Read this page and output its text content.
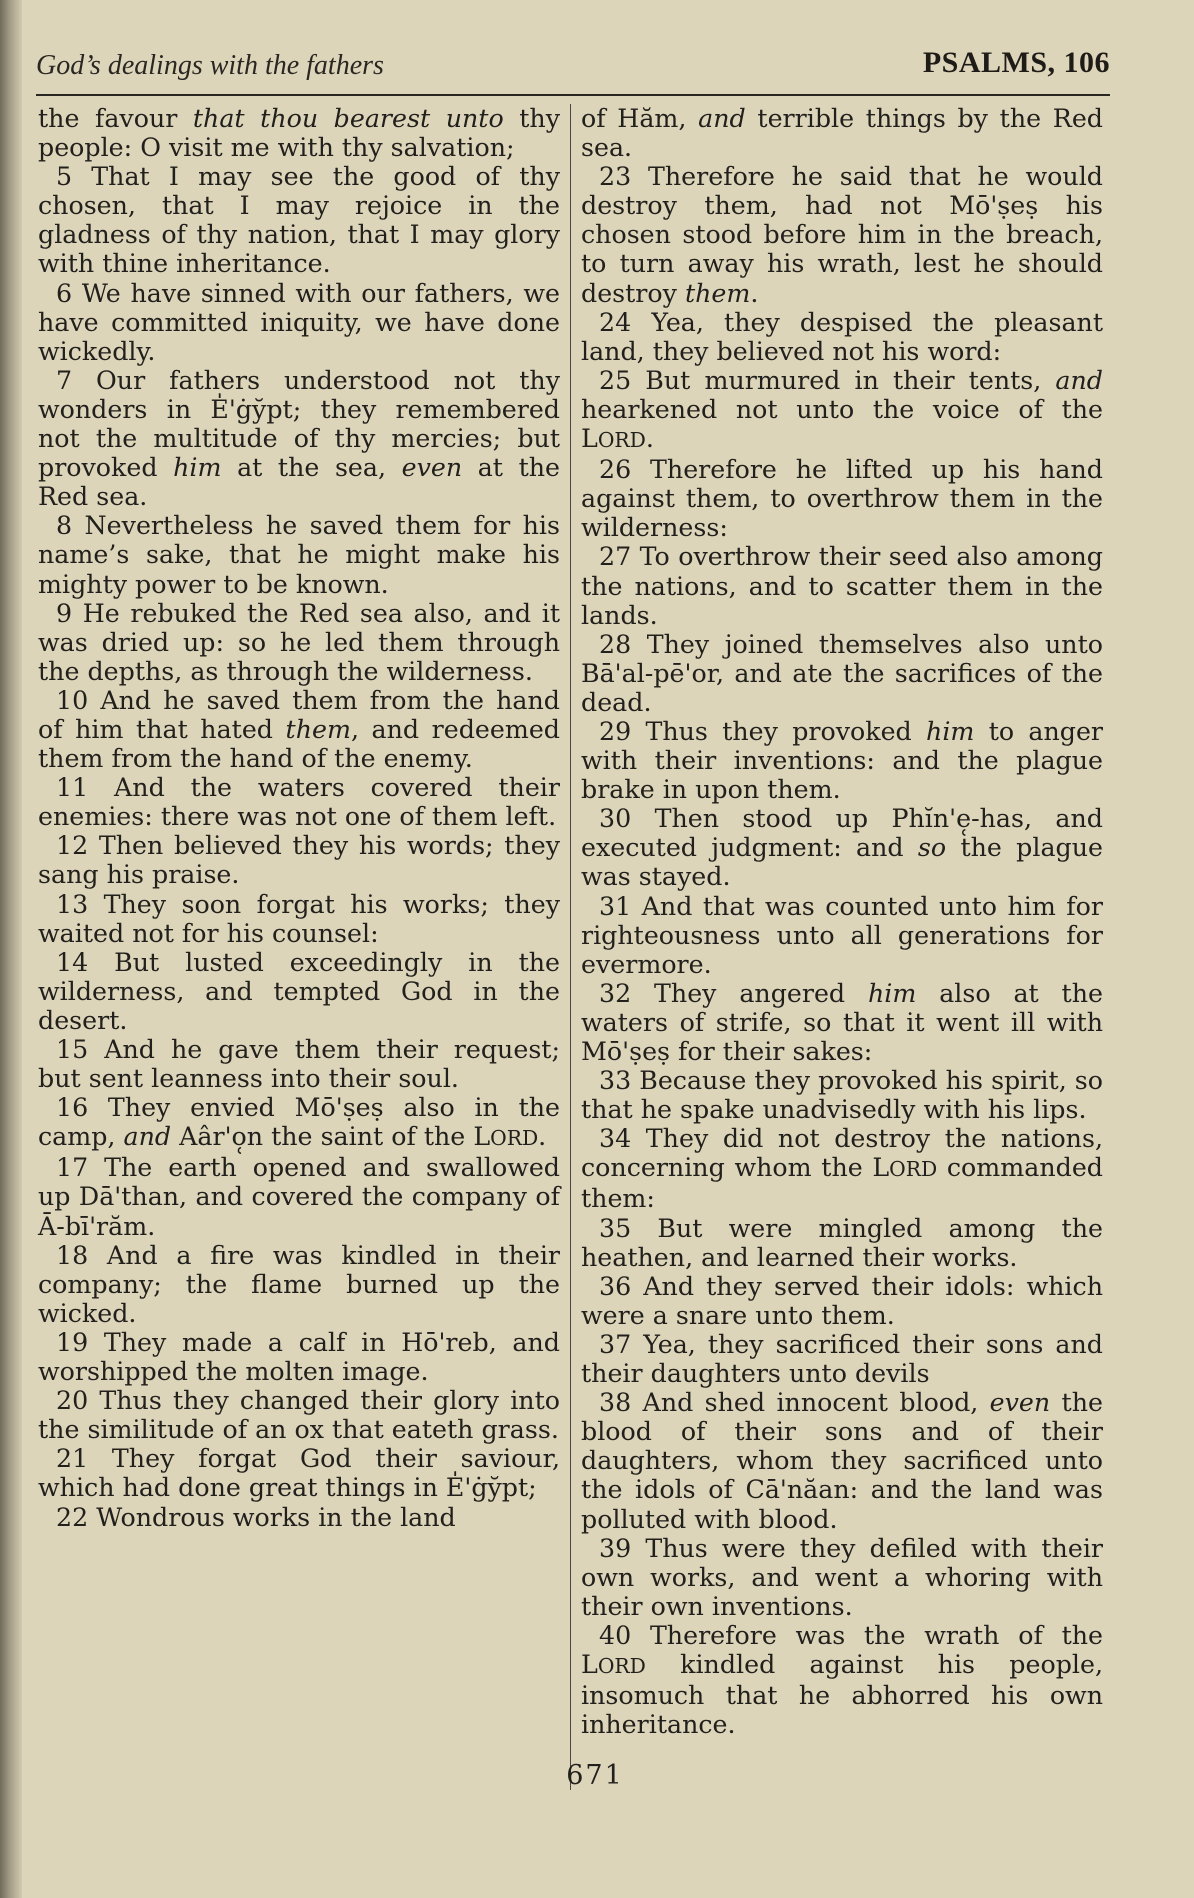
God’s dealings with the fathers	PSALMS, 106

the favour that thou bearest unto thy people: O visit me with thy salvation;

5 That I may see the good of thy chosen, that I may rejoice in the gladness of thy nation, that I may glory with thine inheritance.

6 We have sinned with our fathers, we have committed iniquity, we have done wickedly.

7 Our fathers understood not thy wonders in E̍'ġy̆pt; they remembered not the multitude of thy mercies; but provoked him at the sea, even at the Red sea.

8 Nevertheless he saved them for his name’s sake, that he might make his mighty power to be known.

9 He rebuked the Red sea also, and it was dried up: so he led them through the depths, as through the wilderness.

10 And he saved them from the hand of him that hated them, and redeemed them from the hand of the enemy.

11 And the waters covered their enemies: there was not one of them left.

12 Then believed they his words; they sang his praise.

13 They soon forgat his works; they waited not for his counsel:

14 But lusted exceedingly in the wilderness, and tempted God in the desert.

15 And he gave them their request; but sent leanness into their soul.

16 They envied Mō'ṣeṣ also in the camp, and Aâr'o̜n the saint of the LORD.

17 The earth opened and swallowed up Dā'than, and covered the company of Ā-bī'răm.

18 And a fire was kindled in their company; the flame burned up the wicked.

19 They made a calf in Hō'reb, and worshipped the molten image.

20 Thus they changed their glory into the similitude of an ox that eateth grass.

21 They forgat God their saviour, which had done great things in E̍'ġy̆pt;

22 Wondrous works in the land

of Hăm, and terrible things by the Red sea.

23 Therefore he said that he would destroy them, had not Mō'ṣeṣ his chosen stood before him in the breach, to turn away his wrath, lest he should destroy them.

24 Yea, they despised the pleasant land, they believed not his word:

25 But murmured in their tents, and hearkened not unto the voice of the LORD.

26 Therefore he lifted up his hand against them, to overthrow them in the wilderness:

27 To overthrow their seed also among the nations, and to scatter them in the lands.

28 They joined themselves also unto Bā'al-pē'or, and ate the sacrifices of the dead.

29 Thus they provoked him to anger with their inventions: and the plague brake in upon them.

30 Then stood up Phĭn'e̜-has, and executed judgment: and so the plague was stayed.

31 And that was counted unto him for righteousness unto all generations for evermore.

32 They angered him also at the waters of strife, so that it went ill with Mō'ṣeṣ for their sakes:

33 Because they provoked his spirit, so that he spake unadvisedly with his lips.

34 They did not destroy the nations, concerning whom the LORD commanded them:

35 But were mingled among the heathen, and learned their works.

36 And they served their idols: which were a snare unto them.

37 Yea, they sacrificed their sons and their daughters unto devils

38 And shed innocent blood, even the blood of their sons and of their daughters, whom they sacrificed unto the idols of Cā'năan: and the land was polluted with blood.

39 Thus were they defiled with their own works, and went a whoring with their own inventions.

40 Therefore was the wrath of the LORD kindled against his people, insomuch that he abhorred his own inheritance.

671
